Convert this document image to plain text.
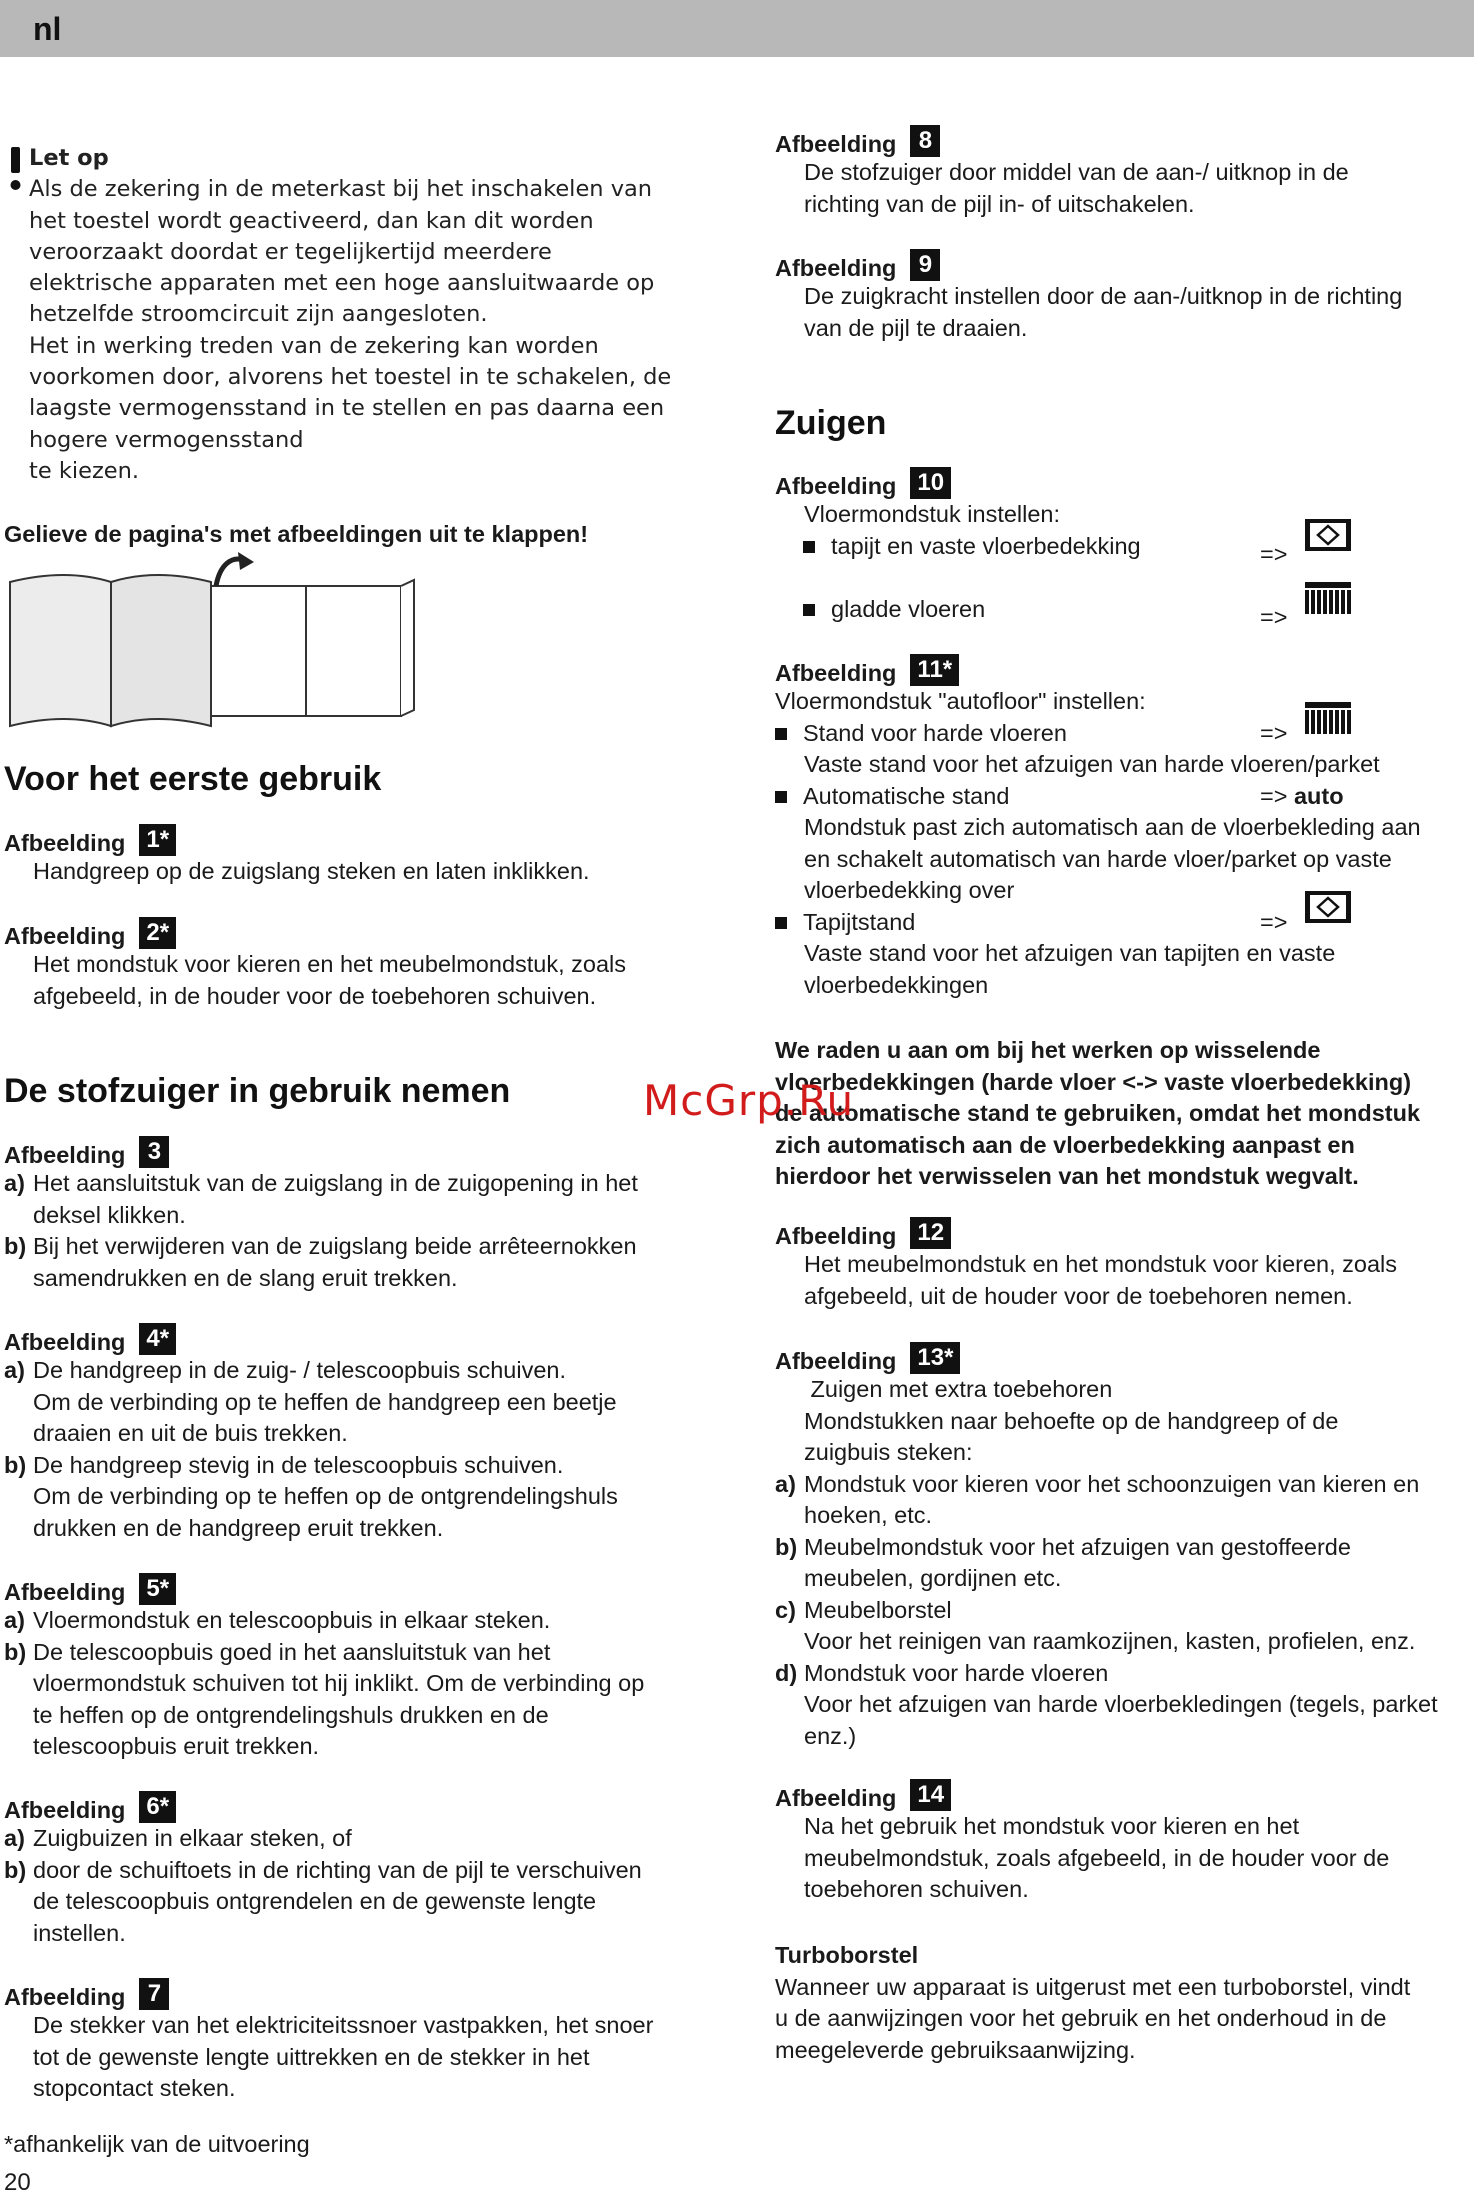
nl
Let op
Als de zekering in de meterkast bij het inschakelen van
het toestel wordt geactiveerd, dan kan dit worden
veroorzaakt doordat er tegelijkertijd meerdere
elektrische apparaten met een hoge aansluitwaarde op
hetzelfde stroomcircuit zijn aangesloten.
Het in werking treden van de zekering kan worden
voorkomen door, alvorens het toestel in te schakelen, de
laagste vermogensstand in te stellen en pas daarna een
hogere vermogensstand
te kiezen.
Gelieve de pagina's met afbeeldingen uit te klappen!
Voor het eerste gebruik
Afbeelding 1*
Handgreep op de zuigslang steken en laten inklikken.
Afbeelding 2*
Het mondstuk voor kieren en het meubelmondstuk, zoals
afgebeeld, in de houder voor de toebehoren schuiven.
De stofzuiger in gebruik nemen
Afbeelding 3
a) Het aansluitstuk van de zuigslang in de zuigopening in het
deksel klikken.
b) Bij het verwijderen van de zuigslang beide arrêteernokken
samendrukken en de slang eruit trekken.
Afbeelding 4*
a) De handgreep in de zuig- / telescoopbuis schuiven.
Om de verbinding op te heffen de handgreep een beetje
draaien en uit de buis trekken.
b) De handgreep stevig in de telescoopbuis schuiven.
Om de verbinding op te heffen op de ontgrendelingshuls
drukken en de handgreep eruit trekken.
Afbeelding 5*
a) Vloermondstuk en telescoopbuis in elkaar steken.
b) De telescoopbuis goed in het aansluitstuk van het
vloermondstuk schuiven tot hij inklikt. Om de verbinding op
te heffen op de ontgrendelingshuls drukken en de
telescoopbuis eruit trekken.
Afbeelding 6*
a) Zuigbuizen in elkaar steken, of
b) door de schuiftoets in de richting van de pijl te verschuiven
de telescoopbuis ontgrendelen en de gewenste lengte
instellen.
Afbeelding 7
De stekker van het elektriciteitssnoer vastpakken, het snoer
tot de gewenste lengte uittrekken en de stekker in het
stopcontact steken.
*afhankelijk van de uitvoering
20
Afbeelding 8
De stofzuiger door middel van de aan-/ uitknop in de
richting van de pijl in- of uitschakelen.
Afbeelding 9
De zuigkracht instellen door de aan-/uitknop in de richting
van de pijl te draaien.
Zuigen
Afbeelding 10
Vloermondstuk instellen:
tapijt en vaste vloerbedekking	=>
gladde vloeren	=>
Afbeelding 11*
Vloermondstuk "autofloor" instellen:
Stand voor harde vloeren	=>
Vaste stand voor het afzuigen van harde vloeren/parket
Automatische stand	=> auto
Mondstuk past zich automatisch aan de vloerbekleding aan
en schakelt automatisch van harde vloer/parket op vaste
vloerbedekking over
Tapijtstand	=>
Vaste stand voor het afzuigen van tapijten en vaste
vloerbedekkingen
We raden u aan om bij het werken op wisselende
vloerbedekkingen (harde vloer <-> vaste vloerbedekking)
de automatische stand te gebruiken, omdat het mondstuk
zich automatisch aan de vloerbedekking aanpast en
hierdoor het verwisselen van het mondstuk wegvalt.
Afbeelding 12
Het meubelmondstuk en het mondstuk voor kieren, zoals
afgebeeld, uit de houder voor de toebehoren nemen.
Afbeelding 13*
Zuigen met extra toebehoren
Mondstukken naar behoefte op de handgreep of de
zuigbuis steken:
a) Mondstuk voor kieren voor het schoonzuigen van kieren en
hoeken, etc.
b) Meubelmondstuk voor het afzuigen van gestoffeerde
meubelen, gordijnen etc.
c) Meubelborstel
Voor het reinigen van raamkozijnen, kasten, profielen, enz.
d) Mondstuk voor harde vloeren
Voor het afzuigen van harde vloerbekledingen (tegels, parket
enz.)
Afbeelding 14
Na het gebruik het mondstuk voor kieren en het
meubelmondstuk, zoals afgebeeld, in de houder voor de
toebehoren schuiven.
Turboborstel
Wanneer uw apparaat is uitgerust met een turboborstel, vindt
u de aanwijzingen voor het gebruik en het onderhoud in de
meegeleverde gebruiksaanwijzing.
McGrp.Ru
